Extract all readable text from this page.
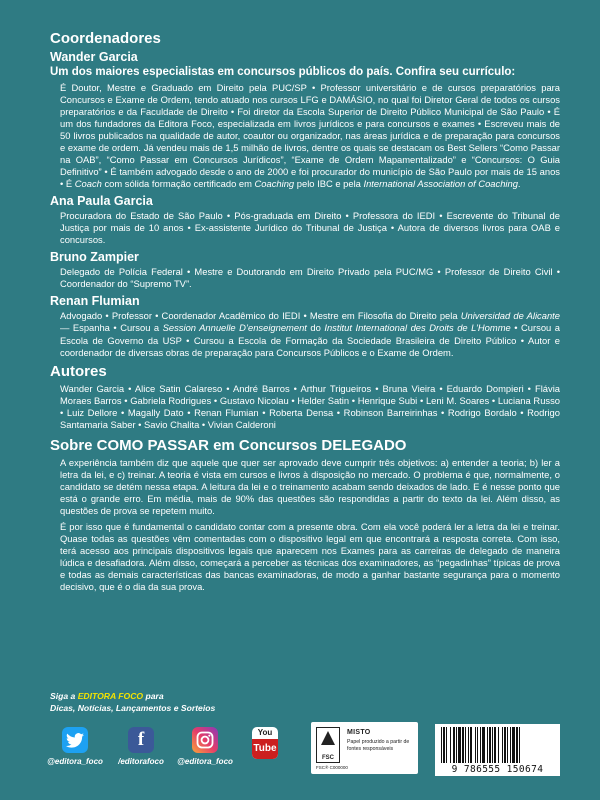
Coordenadores
Wander Garcia
Um dos maiores especialistas em concursos públicos do país. Confira seu currículo:
É Doutor, Mestre e Graduado em Direito pela PUC/SP • Professor universitário e de cursos preparatórios para Concursos e Exame de Ordem, tendo atuado nos cursos LFG e DAMÁSIO, no qual foi Diretor Geral de todos os cursos preparatórios e da Faculdade de Direito • Foi diretor da Escola Superior de Direito Público Municipal de São Paulo • É um dos fundadores da Editora Foco, especializada em livros jurídicos e para concursos e exames • Escreveu mais de 50 livros publicados na qualidade de autor, coautor ou organizador, nas áreas jurídica e de preparação para concursos e exame de ordem. Já vendeu mais de 1,5 milhão de livros, dentre os quais se destacam os Best Sellers “Como Passar na OAB”, “Como Passar em Concursos Jurídicos”, “Exame de Ordem Mapamentalizado” e “Concursos: O Guia Definitivo” • É também advogado desde o ano de 2000 e foi procurador do município de São Paulo por mais de 15 anos • É Coach com sólida formação certificado em Coaching pelo IBC e pela International Association of Coaching.
Ana Paula Garcia
Procuradora do Estado de São Paulo • Pós-graduada em Direito • Professora do IEDI • Escrevente do Tribunal de Justiça por mais de 10 anos • Ex-assistente Jurídico do Tribunal de Justiça • Autora de diversos livros para OAB e concursos.
Bruno Zampier
Delegado de Polícia Federal • Mestre e Doutorando em Direito Privado pela PUC/MG • Professor de Direito Civil • Coordenador do “Supremo TV”.
Renan Flumian
Advogado • Professor • Coordenador Acadêmico do IEDI • Mestre em Filosofia do Direito pela Universidad de Alicante — Espanha • Cursou a Session Annuelle D’enseignement do Institut International des Droits de L’Homme • Cursou a Escola de Governo da USP • Cursou a Escola de Formação da Sociedade Brasileira de Direito Público • Autor e coordenador de diversas obras de preparação para Concursos Públicos e o Exame de Ordem.
Autores
Wander Garcia • Alice Satin Calareso • André Barros • Arthur Trigueiros • Bruna Vieira • Eduardo Dompieri • Flávia Moraes Barros • Gabriela Rodrigues • Gustavo Nicolau • Helder Satin • Henrique Subi • Leni M. Soares • Luciana Russo • Luiz Dellore • Magally Dato • Renan Flumian • Roberta Densa • Robinson Barreirinhas • Rodrigo Bordalo • Rodrigo Santamaria Saber • Savio Chalita • Vivian Calderoni
Sobre COMO PASSAR em Concursos DELEGADO
A experiência também diz que aquele que quer ser aprovado deve cumprir três objetivos: a) entender a teoria; b) ler a letra da lei, e c) treinar. A teoria é vista em cursos e livros à disposição no mercado. O problema é que, normalmente, o candidato se detém nessa etapa. A leitura da lei e o treinamento acabam sendo deixados de lado. E é nesse ponto que está o grande erro. Em média, mais de 90% das questões são respondidas a partir do texto da lei. Além disso, as questões de prova se repetem muito.
É por isso que é fundamental o candidato contar com a presente obra. Com ela você poderá ler a letra da lei e treinar. Quase todas as questões vêm comentadas com o dispositivo legal em que encontrará a resposta correta. Com isso, terá acesso aos principais dispositivos legais que aparecem nos Exames para as carreiras de delegado de maneira lúdica e desafiadora. Além disso, começará a perceber as técnicas dos examinadores, as “pegadinhas” típicas de prova e todas as demais características das bancas examinadoras, de modo a ganhar bastante segurança para o momento decisivo, que é o dia da sua prova.
Siga a EDITORA FOCO para
Dicas, Notícias, Lançamentos e Sorteios
@editora_foco
f
/editorafoco	@editora_foco
You
Tube
FSC
MISTO
Papel produzido a partir de fontes responsáveis
FSC® C000000	9 786555 150674
